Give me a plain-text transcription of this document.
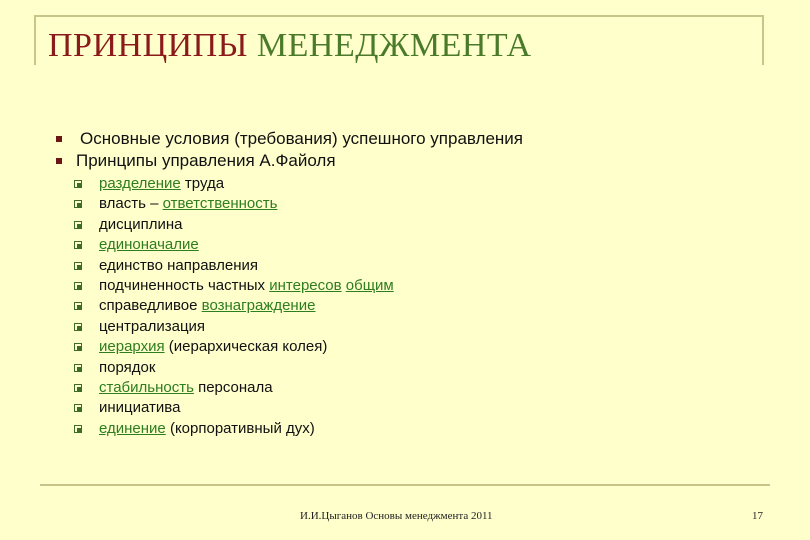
ПРИНЦИПЫ МЕНЕДЖМЕНТА
Основные условия (требования) успешного управления
Принципы управления А.Файоля
разделение труда
власть – ответственность
дисциплина
единоначалие
единство направления
подчиненность частных интересов общим
справедливое вознаграждение
централизация
иерархия (иерархическая колея)
порядок
стабильность персонала
инициатива
единение (корпоративный дух)
И.И.Цыганов Основы менеджмента 2011	17
